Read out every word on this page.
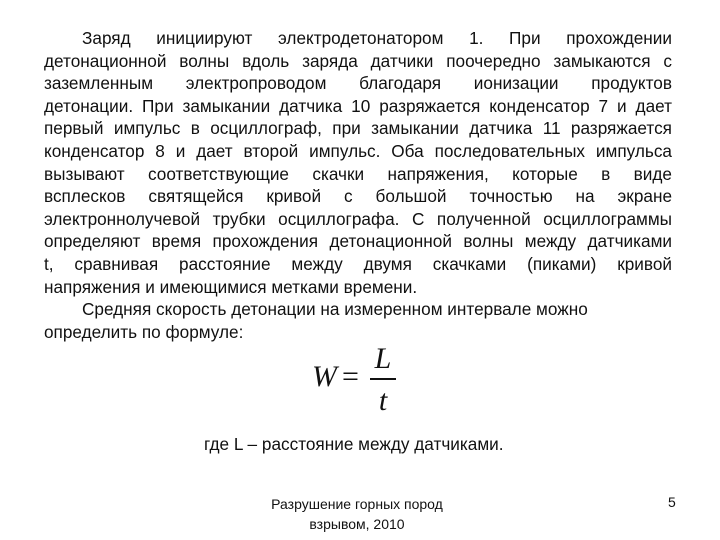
Заряд инициируют электродетонатором 1. При прохождении
детонационной волны вдоль заряда датчики поочередно замыкаются с
заземленным электропроводом благодаря ионизации продуктов
детонации. При замыкании датчика 10 разряжается конденсатор 7 и дает
первый импульс в осциллограф, при замыкании датчика 11 разряжается
конденсатор 8 и дает второй импульс. Оба последовательных импульса
вызывают соответствующие скачки напряжения, которые в виде
всплесков святящейся кривой с большой точностью на экране
электроннолучевой трубки осциллографа. С полученной осциллограммы
определяют время прохождения детонационной волны между датчиками
t, сравнивая расстояние между двумя скачками (пиками) кривой
напряжения и имеющимися метками времени.
Средняя скорость детонации на измеренном интервале можно
определить по формуле:
W =
L
t
где L – расстояние между датчиками.
Разрушение горных пород
взрывом, 2010
5
